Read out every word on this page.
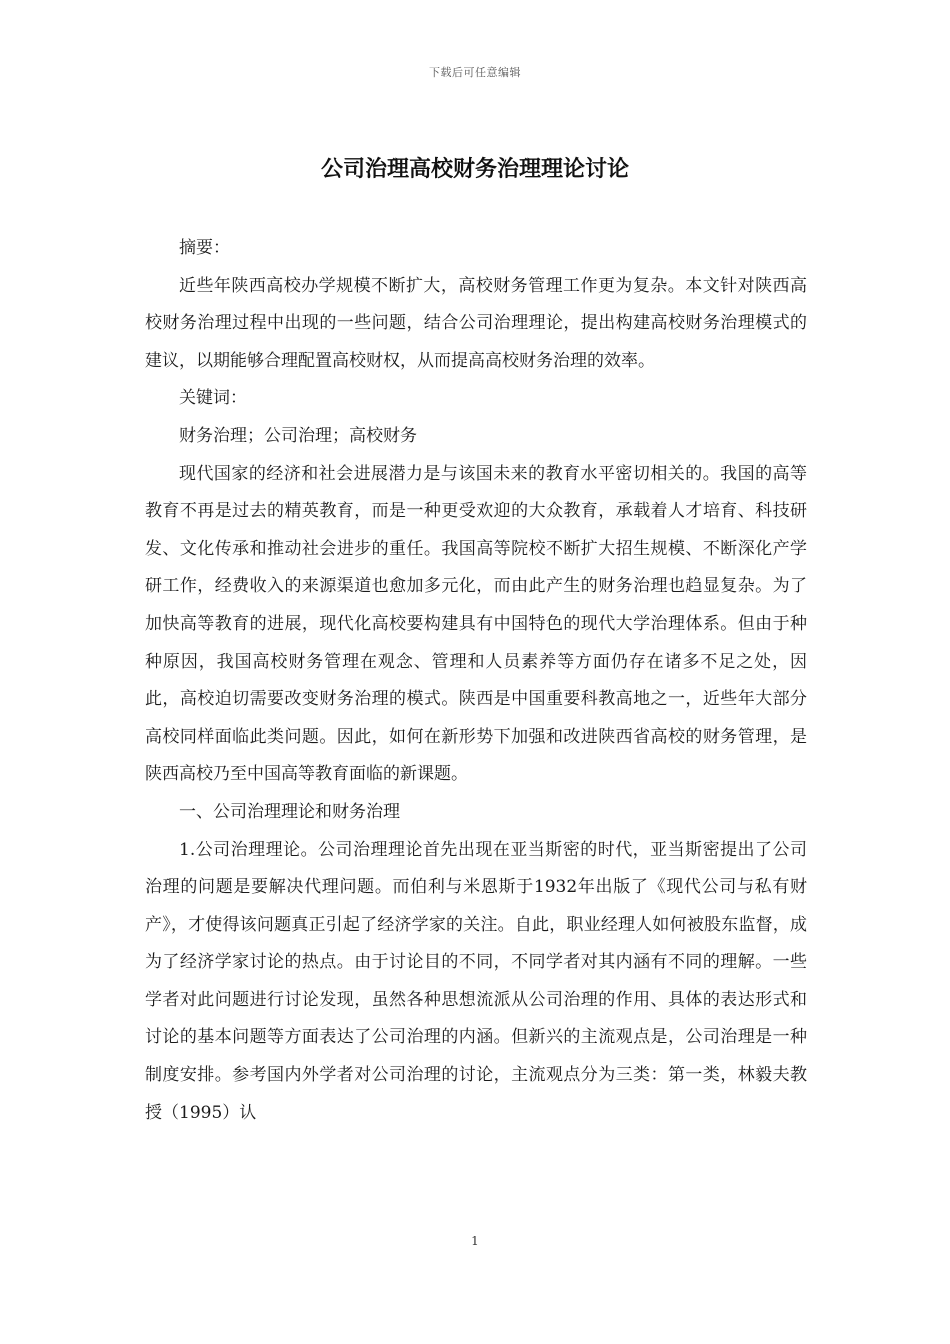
下载后可任意编辑
公司治理高校财务治理理论讨论

摘要：

近些年陕西高校办学规模不断扩大，高校财务管理工作更为复杂。本文针对陕西高校财务治理过程中出现的一些问题，结合公司治理理论，提出构建高校财务治理模式的建议，以期能够合理配置高校财权，从而提高高校财务治理的效率。

关键词：

财务治理；公司治理；高校财务

现代国家的经济和社会进展潜力是与该国未来的教育水平密切相关的。我国的高等教育不再是过去的精英教育，而是一种更受欢迎的大众教育，承载着人才培育、科技研发、文化传承和推动社会进步的重任。我国高等院校不断扩大招生规模、不断深化产学研工作，经费收入的来源渠道也愈加多元化，而由此产生的财务治理也趋显复杂。为了加快高等教育的进展，现代化高校要构建具有中国特色的现代大学治理体系。但由于种种原因，我国高校财务管理在观念、管理和人员素养等方面仍存在诸多不足之处，因此，高校迫切需要改变财务治理的模式。陕西是中国重要科教高地之一，近些年大部分高校同样面临此类问题。因此，如何在新形势下加强和改进陕西省高校的财务管理，是陕西高校乃至中国高等教育面临的新课题。

一、公司治理理论和财务治理

1.公司治理理论。公司治理理论首先出现在亚当斯密的时代，亚当斯密提出了公司治理的问题是要解决代理问题。而伯利与米恩斯于1932年出版了《现代公司与私有财产》，才使得该问题真正引起了经济学家的关注。自此，职业经理人如何被股东监督，成为了经济学家讨论的热点。由于讨论目的不同，不同学者对其内涵有不同的理解。一些学者对此问题进行讨论发现，虽然各种思想流派从公司治理的作用、具体的表达形式和讨论的基本问题等方面表达了公司治理的内涵。但新兴的主流观点是，公司治理是一种制度安排。参考国内外学者对公司治理的讨论，主流观点分为三类：第一类，林毅夫教授（1995）认

1
